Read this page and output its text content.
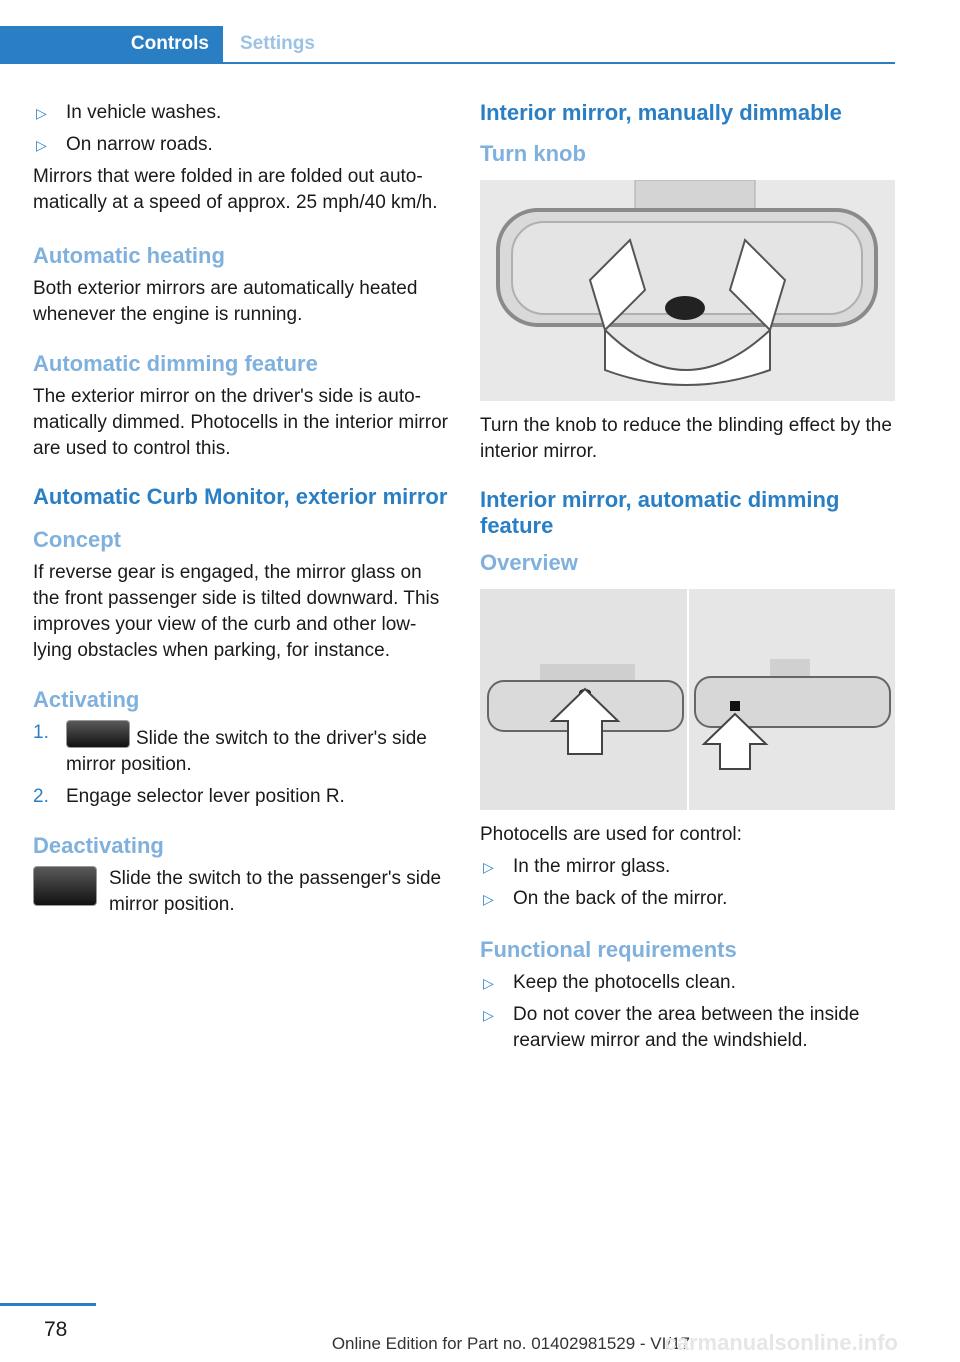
Controls	Settings
▷	In vehicle washes.
▷	On narrow roads.

Mirrors that were folded in are folded out auto-matically at a speed of approx. 25 mph/40 km/h.

Automatic heating

Both exterior mirrors are automatically heated whenever the engine is running.

Automatic dimming feature

The exterior mirror on the driver's side is auto-matically dimmed. Photocells in the interior mirror are used to control this.

Automatic Curb Monitor, exterior mirror
Concept

If reverse gear is engaged, the mirror glass on the front passenger side is tilted downward. This improves your view of the curb and other low-lying obstacles when parking, for instance.

Activating
1.	Slide the switch to the driver's side mirror position.
2. Engage selector lever position R.
Deactivating

Slide the switch to the passenger's side mirror position.

Interior mirror, manually dimmable
Turn knob

Turn the knob to reduce the blinding effect by the interior mirror.

Interior mirror, automatic dimming feature
Overview

Photocells are used for control:

▷	In the mirror glass.
▷	On the back of the mirror.
Functional requirements
▷	Keep the photocells clean.
▷	Do not cover the area between the inside rearview mirror and the windshield.
78
Online Edition for Part no. 01402981529 - VI/17
carmanualsonline.info
